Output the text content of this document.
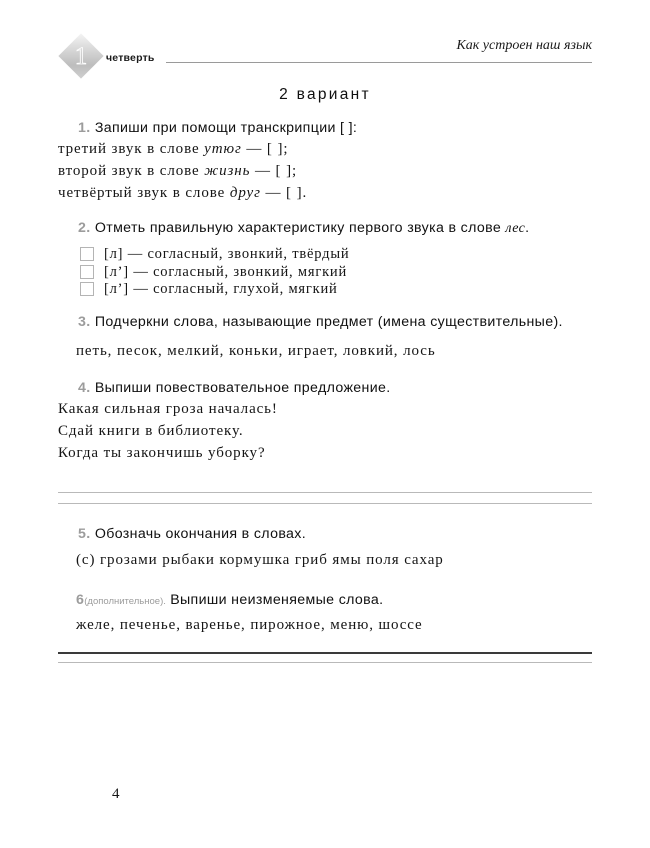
1	четверть
Как устроен наш язык
2 вариант

1. Запиши при помощи транскрипции [ ]:

третий звук в слове утюг — [ ];

второй звук в слове жизнь — [ ];

четвёртый звук в слове друг — [ ].

2. Отметь правильную характеристику первого звука в слове лес.

[л] — согласный, звонкий, твёрдый
[л’] — согласный, звонкий, мягкий
[л’] — согласный, глухой, мягкий

3. Подчеркни слова, называющие предмет (имена существительные).

петь, песок, мелкий, коньки, играет, ловкий, лось

4. Выпиши повествовательное предложение.

Какая сильная гроза началась!

Сдай книги в библиотеку.

Когда ты закончишь уборку?

5. Обозначь окончания в словах.

(с) грозами рыбаки кормушка гриб ямы поля сахар

6(дополнительное). Выпиши неизменяемые слова.

желе, печенье, варенье, пирожное, меню, шоссе

4
